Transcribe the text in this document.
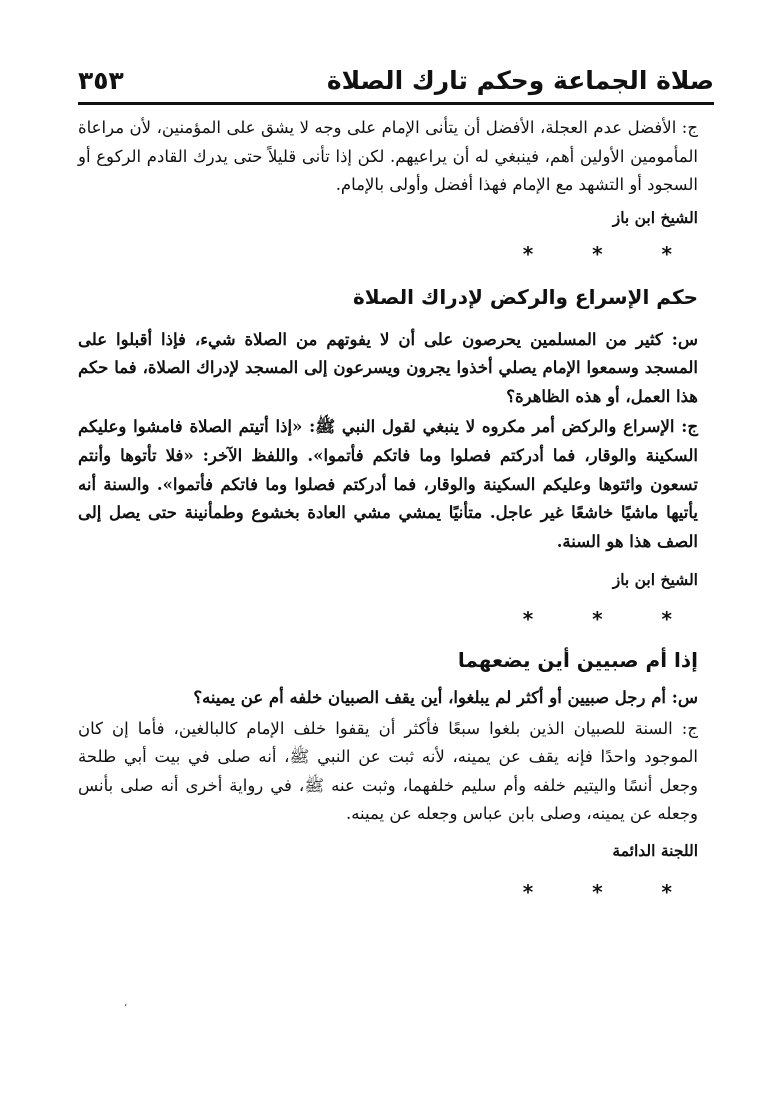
صلاة الجماعة وحكم تارك الصلاة
٣٥٣

ج: الأفضل عدم العجلة، الأفضل أن يتأنى الإمام على وجه لا يشق على المؤمنين، لأن مراعاة المأمومين الأولين أهم، فينبغي له أن يراعيهم. لكن إذا تأنى قليلاً حتى يدرك القادم الركوع أو السجود أو التشهد مع الإمام فهذا أفضل وأولى بالإمام.

الشيخ ابن باز

* * *

حكم الإسراع والركض لإدراك الصلاة

س: كثير من المسلمين يحرصون على أن لا يفوتهم من الصلاة شيء، فإذا أقبلوا على المسجد وسمعوا الإمام يصلي أخذوا يجرون ويسرعون إلى المسجد لإدراك الصلاة، فما حكم هذا العمل، أو هذه الظاهرة؟

ج: الإسراع والركض أمر مكروه لا ينبغي لقول النبي ﷺ: «إذا أتيتم الصلاة فامشوا وعليكم السكينة والوقار، فما أدركتم فصلوا وما فاتكم فأتموا». واللفظ الآخر: «فلا تأتوها وأنتم تسعون وائتوها وعليكم السكينة والوقار، فما أدركتم فصلوا وما فاتكم فأتموا». والسنة أنه يأتيها ماشيًا خاشعًا غير عاجل. متأنيًا يمشي مشي العادة بخشوع وطمأنينة حتى يصل إلى الصف هذا هو السنة.

الشيخ ابن باز

* * *

إذا أم صبيين أين يضعهما

س: أم رجل صبيين أو أكثر لم يبلغوا، أين يقف الصبيان خلفه أم عن يمينه؟

ج: السنة للصبيان الذين بلغوا سبعًا فأكثر أن يقفوا خلف الإمام كالبالغين، فأما إن كان الموجود واحدًا فإنه يقف عن يمينه، لأنه ثبت عن النبي ﷺ، أنه صلى في بيت أبي طلحة وجعل أنسًا واليتيم خلفه وأم سليم خلفهما، وثبت عنه ﷺ، في رواية أخرى أنه صلى بأنس وجعله عن يمينه، وصلى بابن عباس وجعله عن يمينه.

اللجنة الدائمة

* * *

،
